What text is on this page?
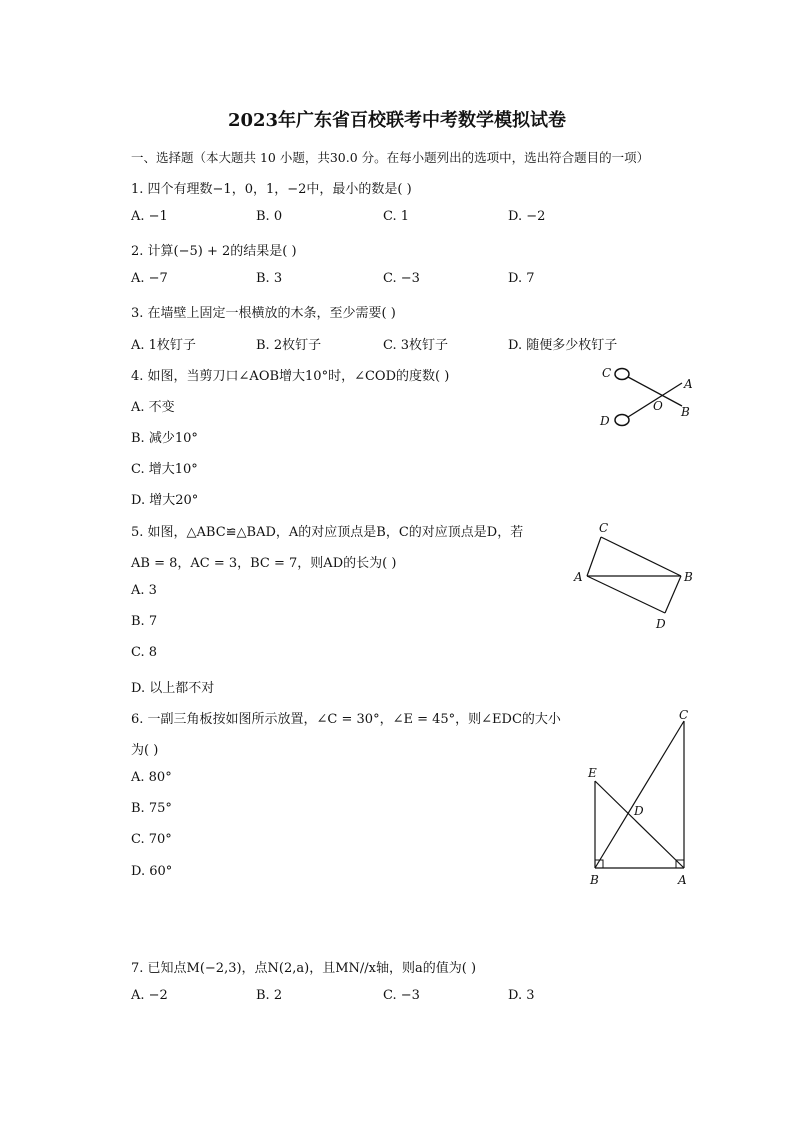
2023年广东省百校联考中考数学模拟试卷
一、选择题（本大题共 10 小题，共30.0 分。在每小题列出的选项中，选出符合题目的一项）
1. 四个有理数−1，0，1，−2中，最小的数是( )
A. −1	B. 0	C. 1	D. −2
2. 计算(−5) + 2的结果是( )
A. −7	B. 3	C. −3	D. 7
3. 在墙壁上固定一根横放的木条，至少需要( )
A. 1枚钉子	B. 2枚钉子	C. 3枚钉子	D. 随便多少枚钉子
4. 如图，当剪刀口∠AOB增大10°时，∠COD的度数( )
A. 不变
B. 减少10°
C. 增大10°
D. 增大20°
C
A
O B
D
5. 如图，△ABC≌△BAD，A的对应顶点是B，C的对应顶点是D，若
AB = 8，AC = 3，BC = 7，则AD的长为( )
A. 3
B. 7
C. 8
D. 以上都不对
C
A	B
D
6. 一副三角板按如图所示放置，∠C = 30°，∠E = 45°，则∠EDC的大小
为( )
A. 80°
B. 75°
C. 70°
D. 60°
C
E
D
B	A
7. 已知点M(−2,3)，点N(2,a)，且MN//x轴，则a的值为( )
A. −2	B. 2	C. −3	D. 3
